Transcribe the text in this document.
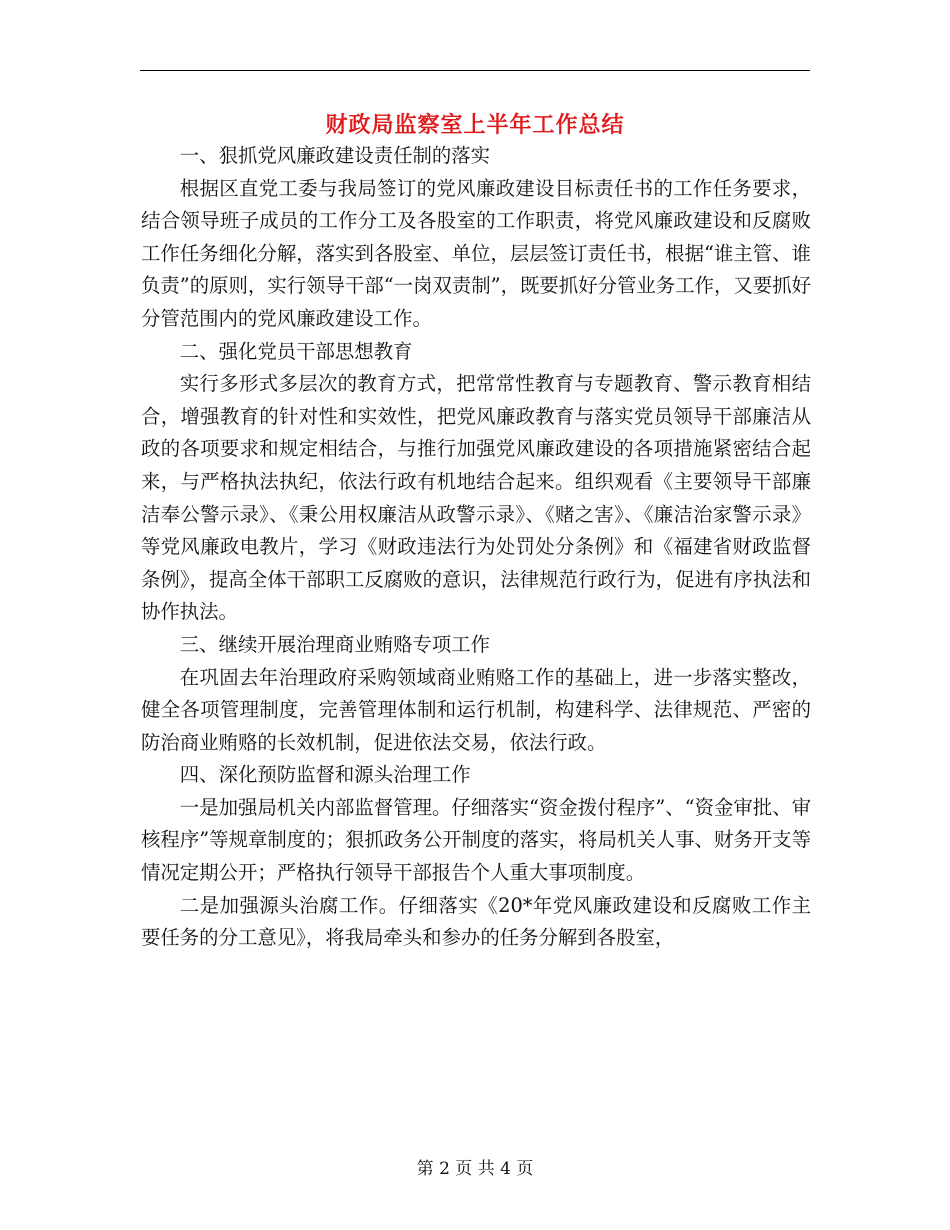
财政局监察室上半年工作总结

一、狠抓党风廉政建设责任制的落实

根据区直党工委与我局签订的党风廉政建设目标责任书的工作任务要求，结合领导班子成员的工作分工及各股室的工作职责，将党风廉政建设和反腐败工作任务细化分解，落实到各股室、单位，层层签订责任书，根据“谁主管、谁负责”的原则，实行领导干部“一岗双责制”，既要抓好分管业务工作，又要抓好分管范围内的党风廉政建设工作。

二、强化党员干部思想教育

实行多形式多层次的教育方式，把常常性教育与专题教育、警示教育相结合，增强教育的针对性和实效性，把党风廉政教育与落实党员领导干部廉洁从政的各项要求和规定相结合，与推行加强党风廉政建设的各项措施紧密结合起来，与严格执法执纪，依法行政有机地结合起来。组织观看《主要领导干部廉洁奉公警示录》、《秉公用权廉洁从政警示录》、《赌之害》、《廉洁治家警示录》等党风廉政电教片，学习《财政违法行为处罚处分条例》和《福建省财政监督条例》，提高全体干部职工反腐败的意识，法律规范行政行为，促进有序执法和协作执法。

三、继续开展治理商业贿赂专项工作

在巩固去年治理政府采购领域商业贿赂工作的基础上，进一步落实整改，健全各项管理制度，完善管理体制和运行机制，构建科学、法律规范、严密的防治商业贿赂的长效机制，促进依法交易，依法行政。

四、深化预防监督和源头治理工作

一是加强局机关内部监督管理。仔细落实“资金拨付程序”、“资金审批、审核程序”等规章制度的；狠抓政务公开制度的落实，将局机关人事、财务开支等情况定期公开；严格执行领导干部报告个人重大事项制度。

二是加强源头治腐工作。仔细落实《20*年党风廉政建设和反腐败工作主要任务的分工意见》，将我局牵头和参办的任务分解到各股室，

第 2 页 共 4 页
